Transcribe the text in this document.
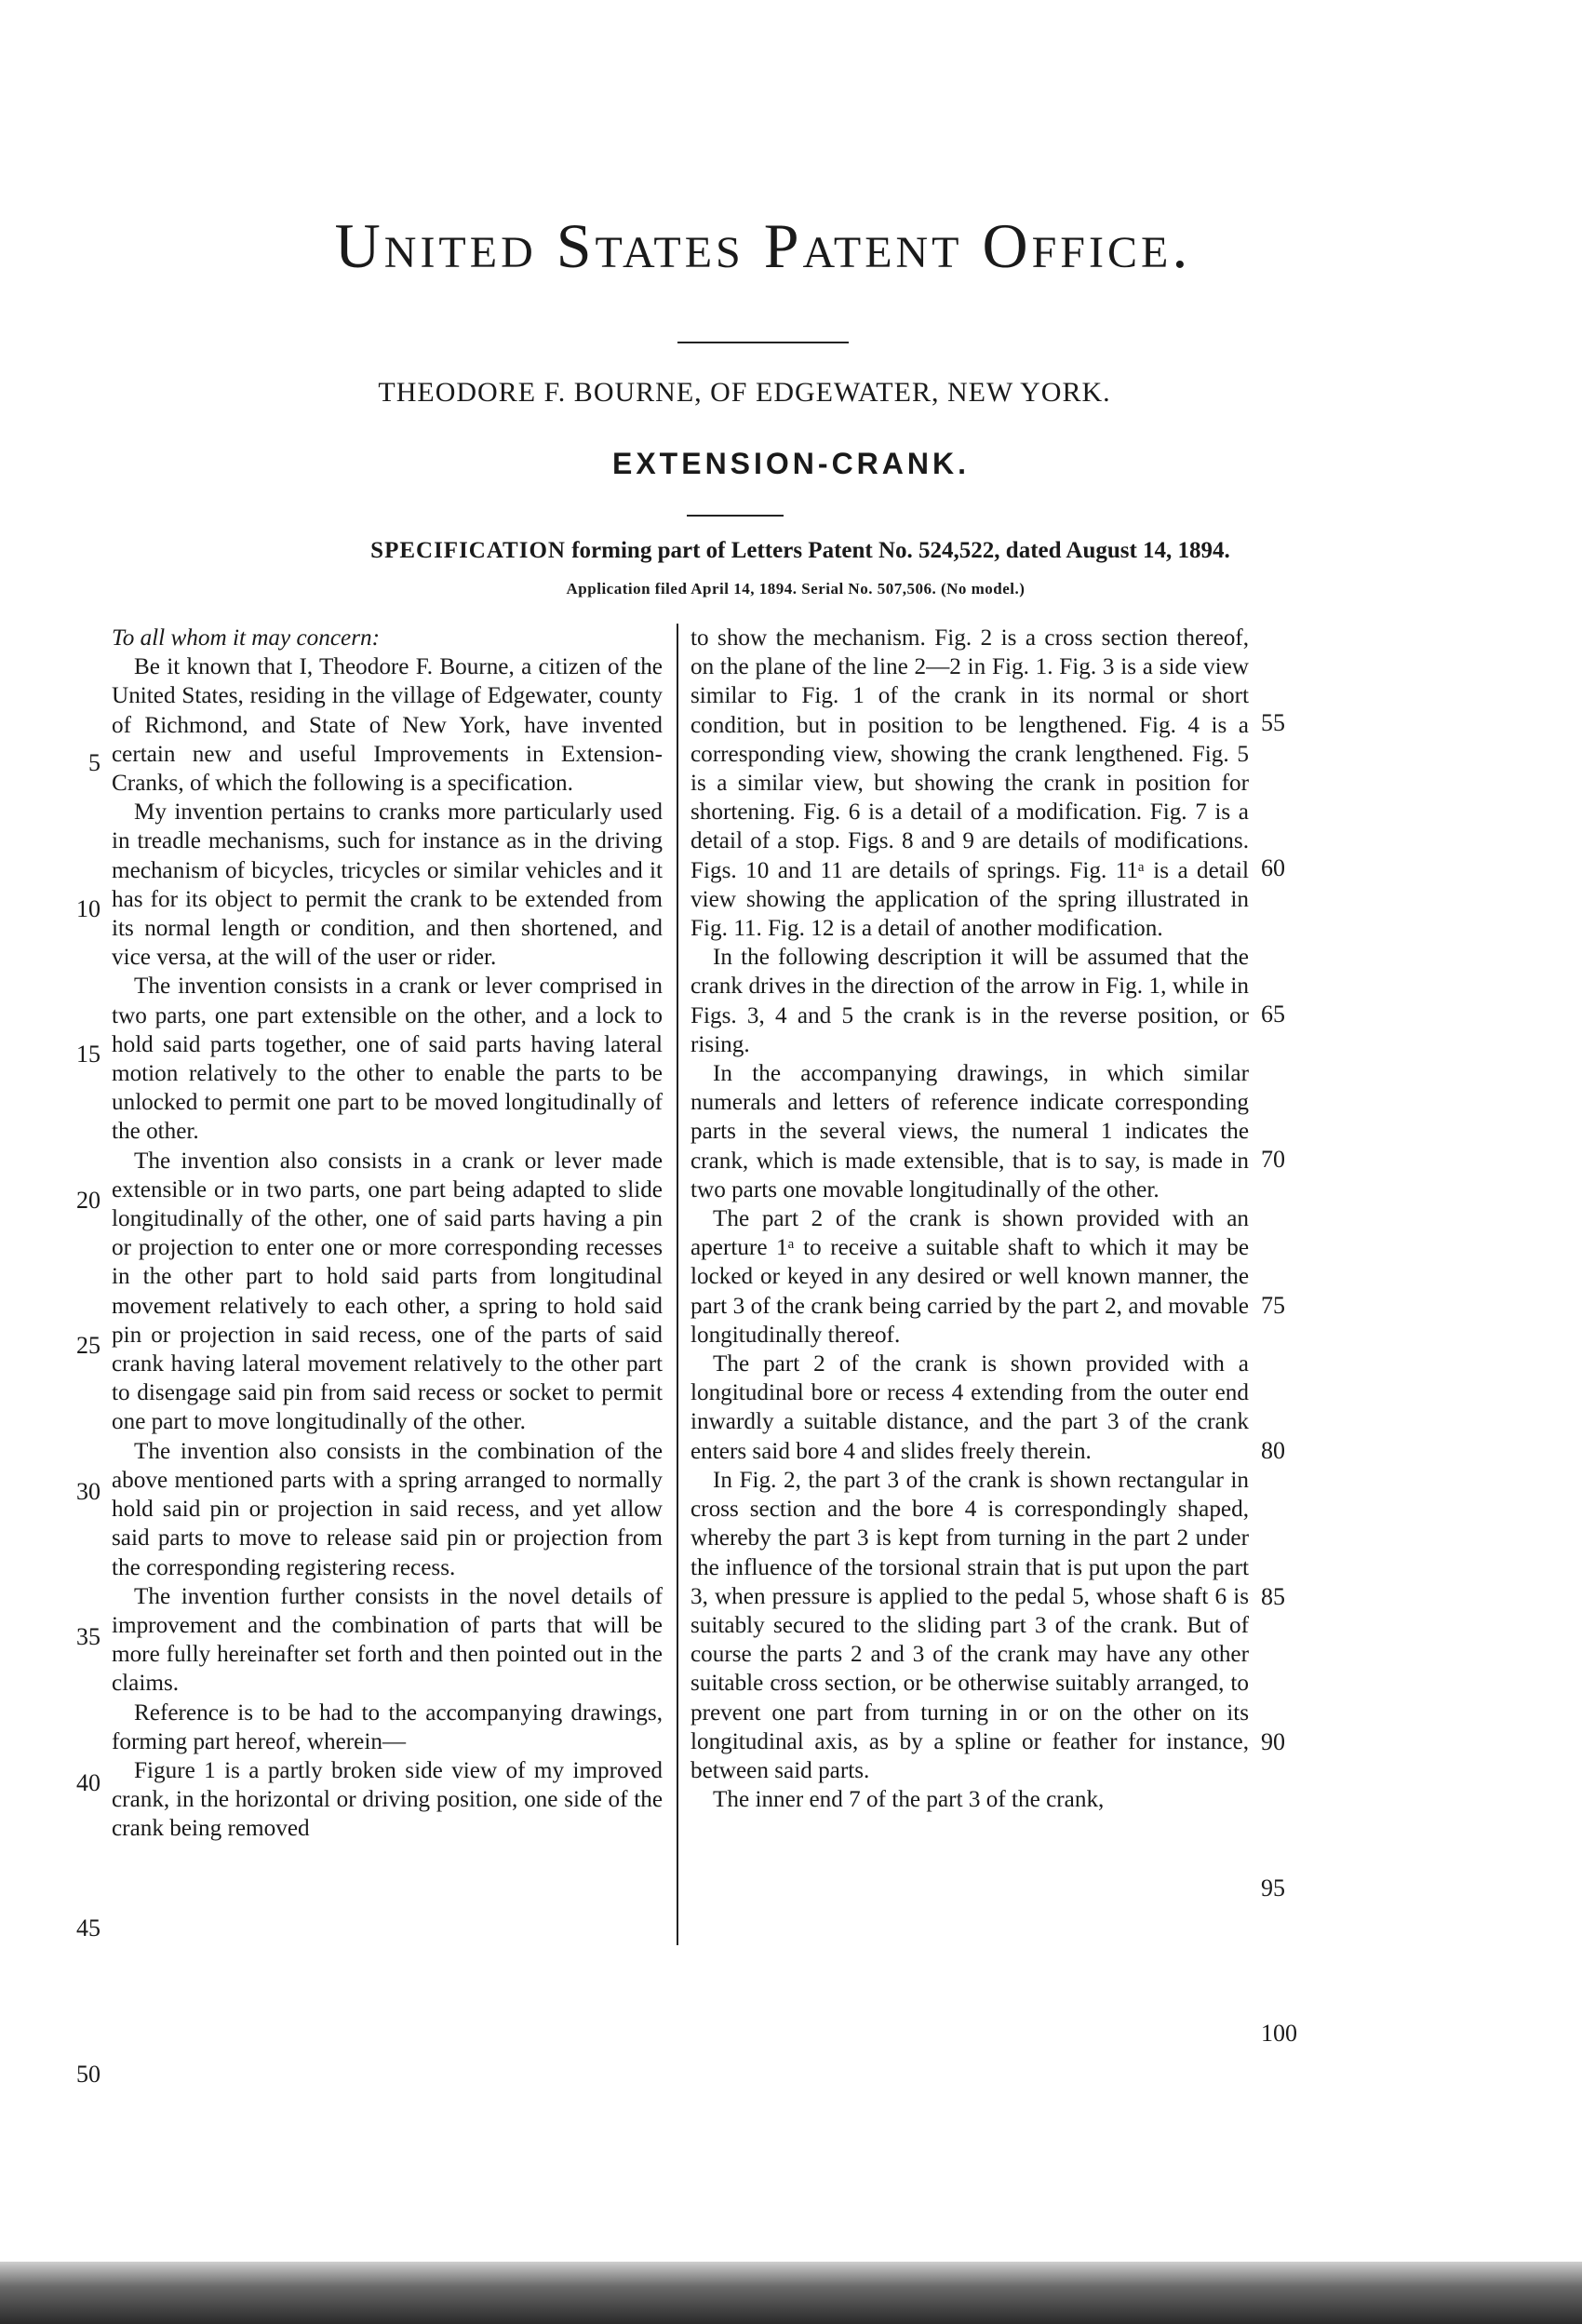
United States Patent Office.
THEODORE F. BOURNE, OF EDGEWATER, NEW YORK.
EXTENSION-CRANK.
SPECIFICATION forming part of Letters Patent No. 524,522, dated August 14, 1894.
Application filed April 14, 1894. Serial No. 507,506. (No model.)

To all whom it may concern:

Be it known that I, Theodore F. Bourne, a citizen of the United States, residing in the village of Edgewater, county of Richmond, and State of New York, have invented certain new and useful Improvements in Extension-Cranks, of which the following is a specification.

My invention pertains to cranks more particularly used in treadle mechanisms, such for instance as in the driving mechanism of bicycles, tricycles or similar vehicles and it has for its object to permit the crank to be extended from its normal length or condition, and then shortened, and vice versa, at the will of the user or rider.

The invention consists in a crank or lever comprised in two parts, one part extensible on the other, and a lock to hold said parts together, one of said parts having lateral motion relatively to the other to enable the parts to be unlocked to permit one part to be moved longitudinally of the other.

The invention also consists in a crank or lever made extensible or in two parts, one part being adapted to slide longitudinally of the other, one of said parts having a pin or projection to enter one or more corresponding recesses in the other part to hold said parts from longitudinal movement relatively to each other, a spring to hold said pin or projection in said recess, one of the parts of said crank having lateral movement relatively to the other part to disengage said pin from said recess or socket to permit one part to move longitudinally of the other.

The invention also consists in the combination of the above mentioned parts with a spring arranged to normally hold said pin or projection in said recess, and yet allow said parts to move to release said pin or projection from the corresponding registering recess.

The invention further consists in the novel details of improvement and the combination of parts that will be more fully hereinafter set forth and then pointed out in the claims.

Reference is to be had to the accompanying drawings, forming part hereof, wherein—

Figure 1 is a partly broken side view of my improved crank, in the horizontal or driving position, one side of the crank being removed

to show the mechanism. Fig. 2 is a cross section thereof, on the plane of the line 2—2 in Fig. 1. Fig. 3 is a side view similar to Fig. 1 of the crank in its normal or short condition, but in position to be lengthened. Fig. 4 is a corresponding view, showing the crank lengthened. Fig. 5 is a similar view, but showing the crank in position for shortening. Fig. 6 is a detail of a modification. Fig. 7 is a detail of a stop. Figs. 8 and 9 are details of modifications. Figs. 10 and 11 are details of springs. Fig. 11ᵃ is a detail view showing the application of the spring illustrated in Fig. 11. Fig. 12 is a detail of another modification.

In the following description it will be assumed that the crank drives in the direction of the arrow in Fig. 1, while in Figs. 3, 4 and 5 the crank is in the reverse position, or rising.

In the accompanying drawings, in which similar numerals and letters of reference indicate corresponding parts in the several views, the numeral 1 indicates the crank, which is made extensible, that is to say, is made in two parts one movable longitudinally of the other.

The part 2 of the crank is shown provided with an aperture 1ᵃ to receive a suitable shaft to which it may be locked or keyed in any desired or well known manner, the part 3 of the crank being carried by the part 2, and movable longitudinally thereof.

The part 2 of the crank is shown provided with a longitudinal bore or recess 4 extending from the outer end inwardly a suitable distance, and the part 3 of the crank enters said bore 4 and slides freely therein.

In Fig. 2, the part 3 of the crank is shown rectangular in cross section and the bore 4 is correspondingly shaped, whereby the part 3 is kept from turning in the part 2 under the influence of the torsional strain that is put upon the part 3, when pressure is applied to the pedal 5, whose shaft 6 is suitably secured to the sliding part 3 of the crank. But of course the parts 2 and 3 of the crank may have any other suitable cross section, or be otherwise suitably arranged, to prevent one part from turning in or on the other on its longitudinal axis, as by a spline or feather for instance, between said parts.

The inner end 7 of the part 3 of the crank,

5
10
15
20
25
30
35
40
45
50
55
60
65
70
75
80
85
90
95
100
